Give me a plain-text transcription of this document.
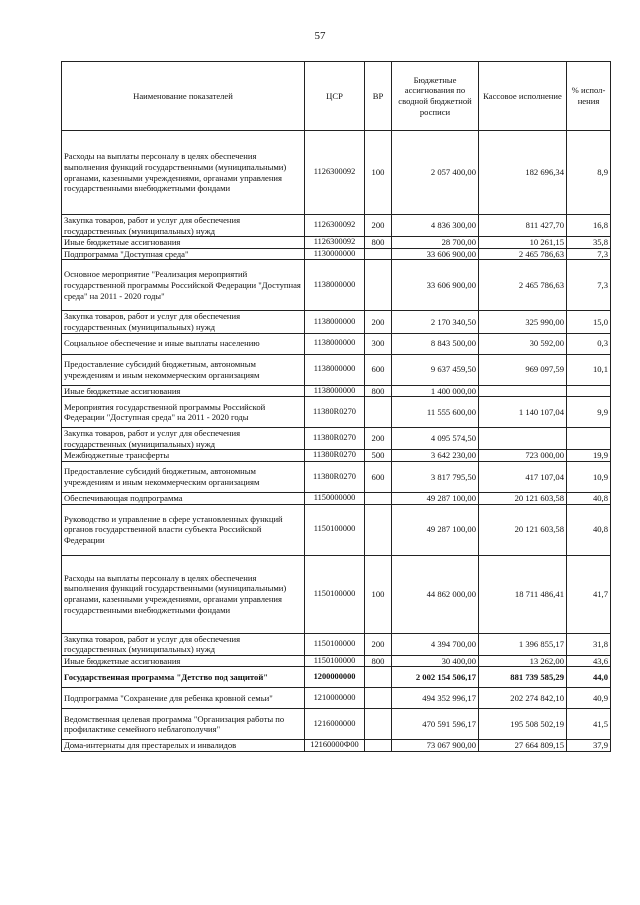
57
Наименование показателей	ЦСР	ВР	Бюджетные ассигнования по сводной бюджетной росписи	Кассовое исполнение	% испол-нения
Расходы на выплаты персоналу в целях обеспечения выполнения функций государственными (муниципальными) органами, казенными учреждениями, органами управления государственными внебюджетными фондами	1126300092	100	2 057 400,00	182 696,34	8,9
Закупка товаров, работ и услуг для обеспечения государственных (муниципальных) нужд	1126300092	200	4 836 300,00	811 427,70	16,8
Иные бюджетные ассигнования	1126300092	800	28 700,00	10 261,15	35,8
Подпрограмма "Доступная среда"	1130000000		33 606 900,00	2 465 786,63	7,3
Основное мероприятие "Реализация мероприятий государственной программы Российской Федерации "Доступная среда" на 2011 - 2020 годы"	1138000000		33 606 900,00	2 465 786,63	7,3
Закупка товаров, работ и услуг для обеспечения государственных (муниципальных) нужд	1138000000	200	2 170 340,50	325 990,00	15,0
Социальное обеспечение и иные выплаты населению	1138000000	300	8 843 500,00	30 592,00	0,3
Предоставление субсидий бюджетным, автономным учреждениям и иным некоммерческим организациям	1138000000	600	9 637 459,50	969 097,59	10,1
Иные бюджетные ассигнования	1138000000	800	1 400 000,00		
Мероприятия государственной программы Российской Федерации "Доступная среда" на 2011 - 2020 годы	11380R0270		11 555 600,00	1 140 107,04	9,9
Закупка товаров, работ и услуг для обеспечения государственных (муниципальных) нужд	11380R0270	200	4 095 574,50		
Межбюджетные трансферты	11380R0270	500	3 642 230,00	723 000,00	19,9
Предоставление субсидий бюджетным, автономным учреждениям и иным некоммерческим организациям	11380R0270	600	3 817 795,50	417 107,04	10,9
Обеспечивающая подпрограмма	1150000000		49 287 100,00	20 121 603,58	40,8
Руководство и управление в сфере установленных функций органов государственной власти субъекта Российской Федерации	1150100000		49 287 100,00	20 121 603,58	40,8
Расходы на выплаты персоналу в целях обеспечения выполнения функций государственными (муниципальными) органами, казенными учреждениями, органами управления государственными внебюджетными фондами	1150100000	100	44 862 000,00	18 711 486,41	41,7
Закупка товаров, работ и услуг для обеспечения государственных (муниципальных) нужд	1150100000	200	4 394 700,00	1 396 855,17	31,8
Иные бюджетные ассигнования	1150100000	800	30 400,00	13 262,00	43,6
Государственная программа "Детство под защитой"	1200000000		2 002 154 506,17	881 739 585,29	44,0
Подпрограмма "Сохранение для ребенка кровной семьи"	1210000000		494 352 996,17	202 274 842,10	40,9
Ведомственная целевая программа "Организация работы по профилактике семейного неблагополучия"	1216000000		470 591 596,17	195 508 502,19	41,5
Дома-интернаты для престарелых и инвалидов	12160000Ф00		73 067 900,00	27 664 809,15	37,9
